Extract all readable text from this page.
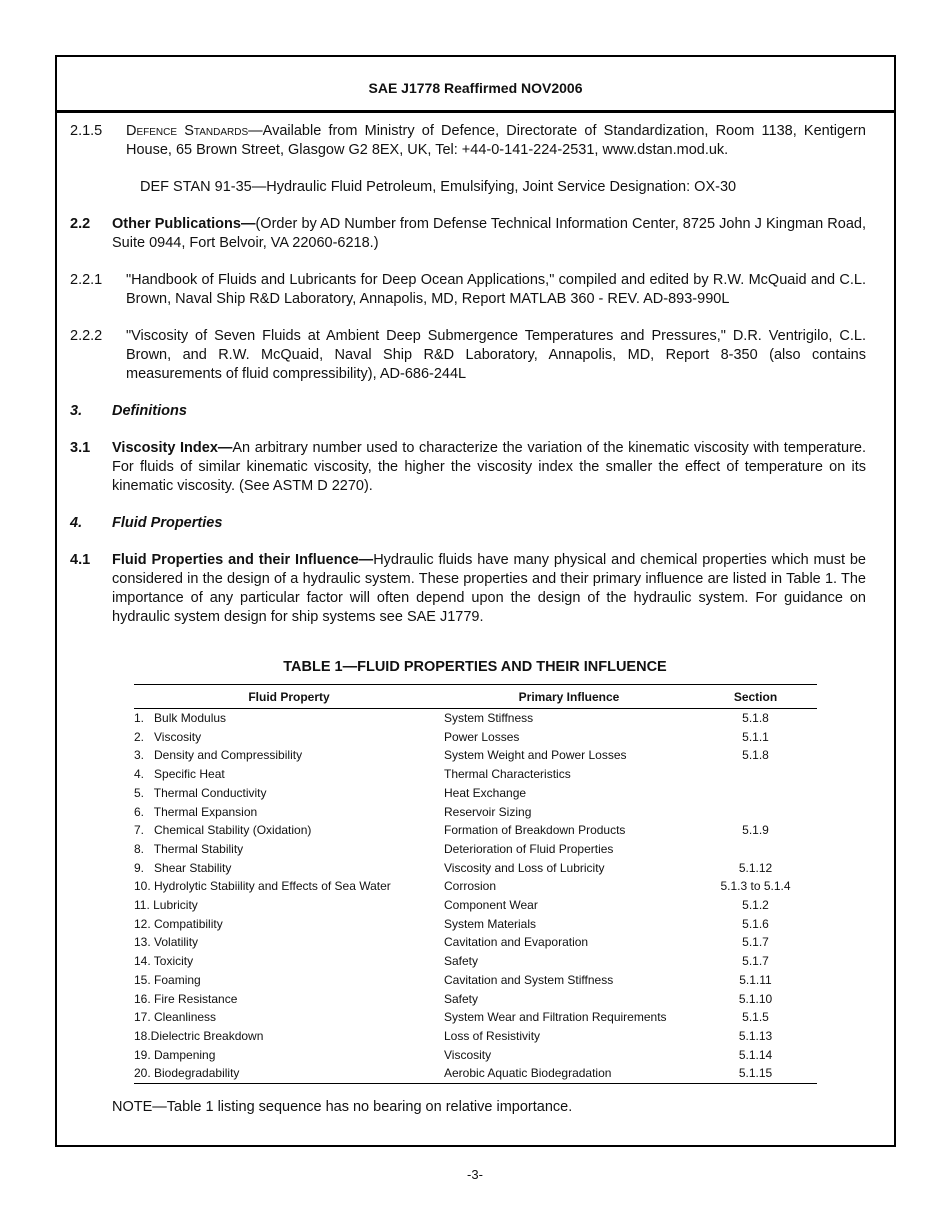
SAE J1778 Reaffirmed NOV2006
2.1.5 Defence Standards—Available from Ministry of Defence, Directorate of Standardization, Room 1138, Kentigern House, 65 Brown Street, Glasgow G2 8EX, UK, Tel: +44-0-141-224-2531, www.dstan.mod.uk.
DEF STAN 91-35—Hydraulic Fluid Petroleum, Emulsifying, Joint Service Designation: OX-30
2.2 Other Publications—(Order by AD Number from Defense Technical Information Center, 8725 John J Kingman Road, Suite 0944, Fort Belvoir, VA 22060-6218.)
2.2.1 "Handbook of Fluids and Lubricants for Deep Ocean Applications," compiled and edited by R.W. McQuaid and C.L. Brown, Naval Ship R&D Laboratory, Annapolis, MD, Report MATLAB 360 - REV. AD-893-990L
2.2.2 "Viscosity of Seven Fluids at Ambient Deep Submergence Temperatures and Pressures," D.R. Ventrigilo, C.L. Brown, and R.W. McQuaid, Naval Ship R&D Laboratory, Annapolis, MD, Report 8-350 (also contains measurements of fluid compressibility), AD-686-244L
3. Definitions
3.1 Viscosity Index—An arbitrary number used to characterize the variation of the kinematic viscosity with temperature. For fluids of similar kinematic viscosity, the higher the viscosity index the smaller the effect of temperature on its kinematic viscosity. (See ASTM D 2270).
4. Fluid Properties
4.1 Fluid Properties and their Influence—Hydraulic fluids have many physical and chemical properties which must be considered in the design of a hydraulic system. These properties and their primary influence are listed in Table 1. The importance of any particular factor will often depend upon the design of the hydraulic system. For guidance on hydraulic system design for ship systems see SAE J1779.
TABLE 1—FLUID PROPERTIES AND THEIR INFLUENCE
Fluid Property	Primary Influence	Section
1.   Bulk Modulus	System Stiffness	5.1.8
2.   Viscosity	Power Losses	5.1.1
3.   Density and Compressibility	System Weight and Power Losses	5.1.8
4.   Specific Heat	Thermal Characteristics	
5.   Thermal Conductivity	Heat Exchange	
6.   Thermal Expansion	Reservoir Sizing	
7.   Chemical Stability (Oxidation)	Formation of Breakdown Products	5.1.9
8.   Thermal Stability	Deterioration of Fluid Properties	
9.   Shear Stability	Viscosity and Loss of Lubricity	5.1.12
10. Hydrolytic Stabiility and Effects of Sea Water	Corrosion	5.1.3 to 5.1.4
11. Lubricity	Component Wear	5.1.2
12. Compatibility	System Materials	5.1.6
13. Volatility	Cavitation and Evaporation	5.1.7
14. Toxicity	Safety	5.1.7
15. Foaming	Cavitation and System Stiffness	5.1.11
16. Fire Resistance	Safety	5.1.10
17. Cleanliness	System Wear and Filtration Requirements	5.1.5
18.Dielectric Breakdown	Loss of Resistivity	5.1.13
19. Dampening	Viscosity	5.1.14
20. Biodegradability	Aerobic Aquatic Biodegradation	5.1.15
NOTE—Table 1 listing sequence has no bearing on relative importance.
-3-
